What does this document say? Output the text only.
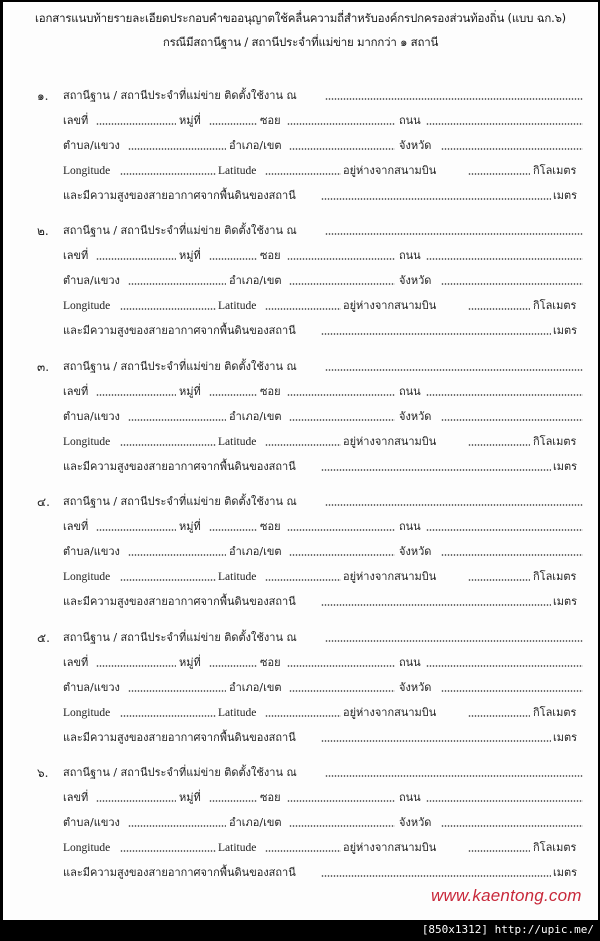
เอกสารแนบท้ายรายละเอียดประกอบคำขออนุญาตใช้คลื่นความถี่สำหรับองค์กรปกครองส่วนท้องถิ่น (แบบ ฉก.๖)
กรณีมีสถานีฐาน / สถานีประจำที่แม่ข่าย มากกว่า ๑ สถานี
๑. สถานีฐาน / สถานีประจำที่แม่ข่าย ติดตั้งใช้งาน ณ
เลขที่	หมู่ที่	ซอย	ถนน
ตำบล/แขวง	อำเภอ/เขต	จังหวัด
Longitude	Latitude	อยู่ห่างจากสนามบิน	กิโลเมตร
และมีความสูงของสายอากาศจากพื้นดินของสถานี	เมตร
๒. สถานีฐาน / สถานีประจำที่แม่ข่าย ติดตั้งใช้งาน ณ
เลขที่	หมู่ที่	ซอย	ถนน
ตำบล/แขวง	อำเภอ/เขต	จังหวัด
Longitude	Latitude	อยู่ห่างจากสนามบิน	กิโลเมตร
และมีความสูงของสายอากาศจากพื้นดินของสถานี	เมตร
๓. สถานีฐาน / สถานีประจำที่แม่ข่าย ติดตั้งใช้งาน ณ
เลขที่	หมู่ที่	ซอย	ถนน
ตำบล/แขวง	อำเภอ/เขต	จังหวัด
Longitude	Latitude	อยู่ห่างจากสนามบิน	กิโลเมตร
และมีความสูงของสายอากาศจากพื้นดินของสถานี	เมตร
๔. สถานีฐาน / สถานีประจำที่แม่ข่าย ติดตั้งใช้งาน ณ
เลขที่	หมู่ที่	ซอย	ถนน
ตำบล/แขวง	อำเภอ/เขต	จังหวัด
Longitude	Latitude	อยู่ห่างจากสนามบิน	กิโลเมตร
และมีความสูงของสายอากาศจากพื้นดินของสถานี	เมตร
๕. สถานีฐาน / สถานีประจำที่แม่ข่าย ติดตั้งใช้งาน ณ
เลขที่	หมู่ที่	ซอย	ถนน
ตำบล/แขวง	อำเภอ/เขต	จังหวัด
Longitude	Latitude	อยู่ห่างจากสนามบิน	กิโลเมตร
และมีความสูงของสายอากาศจากพื้นดินของสถานี	เมตร
๖. สถานีฐาน / สถานีประจำที่แม่ข่าย ติดตั้งใช้งาน ณ
เลขที่	หมู่ที่	ซอย	ถนน
ตำบล/แขวง	อำเภอ/เขต	จังหวัด
Longitude	Latitude	อยู่ห่างจากสนามบิน	กิโลเมตร
และมีความสูงของสายอากาศจากพื้นดินของสถานี	เมตร
www.kaentong.com
[850x1312] http://upic.me/
